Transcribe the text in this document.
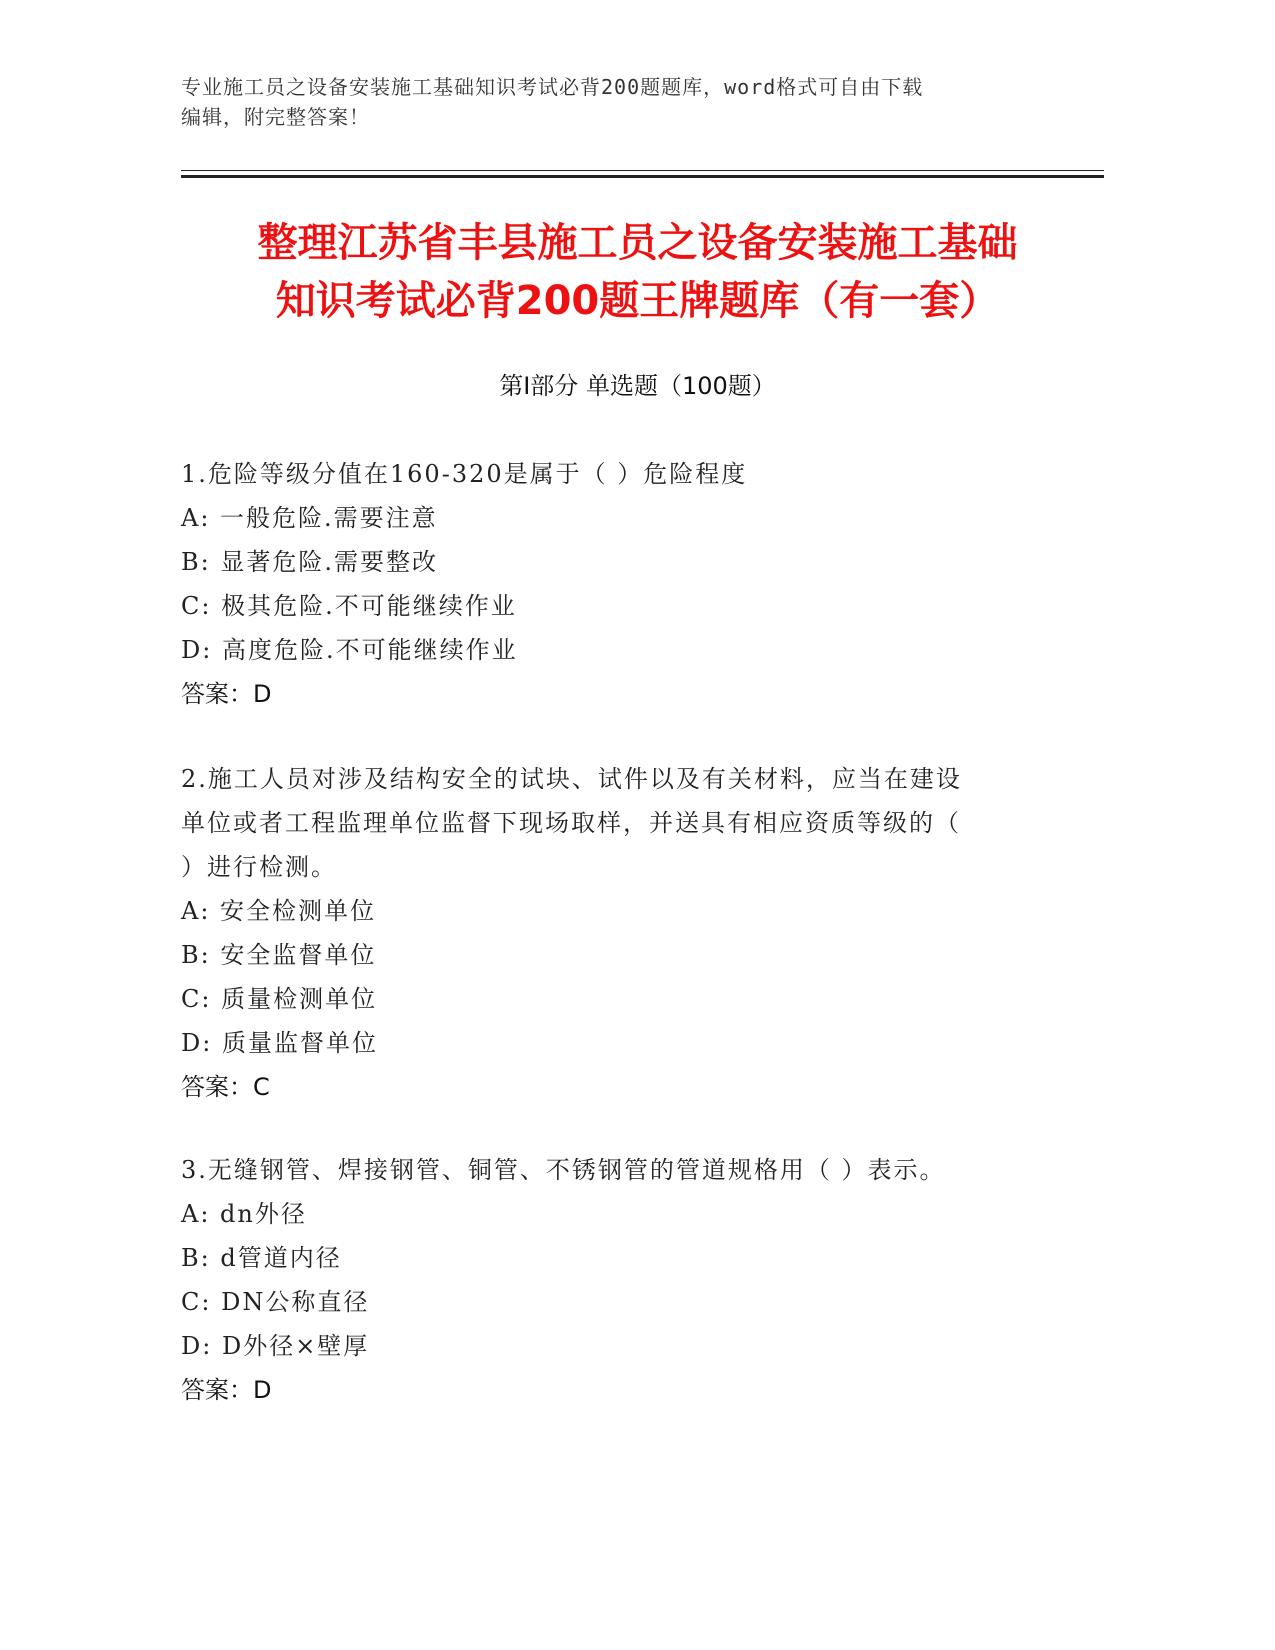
专业施工员之设备安装施工基础知识考试必背200题题库，word格式可自由下载
编辑，附完整答案！
整理江苏省丰县施工员之设备安装施工基础
知识考试必背200题王牌题库（有一套）
第I部分 单选题（100题）

1.危险等级分值在160-320是属于（ ）危险程度

A: 一般危险.需要注意

B: 显著危险.需要整改

C: 极其危险.不可能继续作业

D: 高度危险.不可能继续作业

答案：D

2.施工人员对涉及结构安全的试块、试件以及有关材料，应当在建设

单位或者工程监理单位监督下现场取样，并送具有相应资质等级的（

）进行检测。

A: 安全检测单位

B: 安全监督单位

C: 质量检测单位

D: 质量监督单位

答案：C

3.无缝钢管、焊接钢管、铜管、不锈钢管的管道规格用（ ）表示。

A: dn外径

B: d管道内径

C: DN公称直径

D: D外径×壁厚

答案：D
